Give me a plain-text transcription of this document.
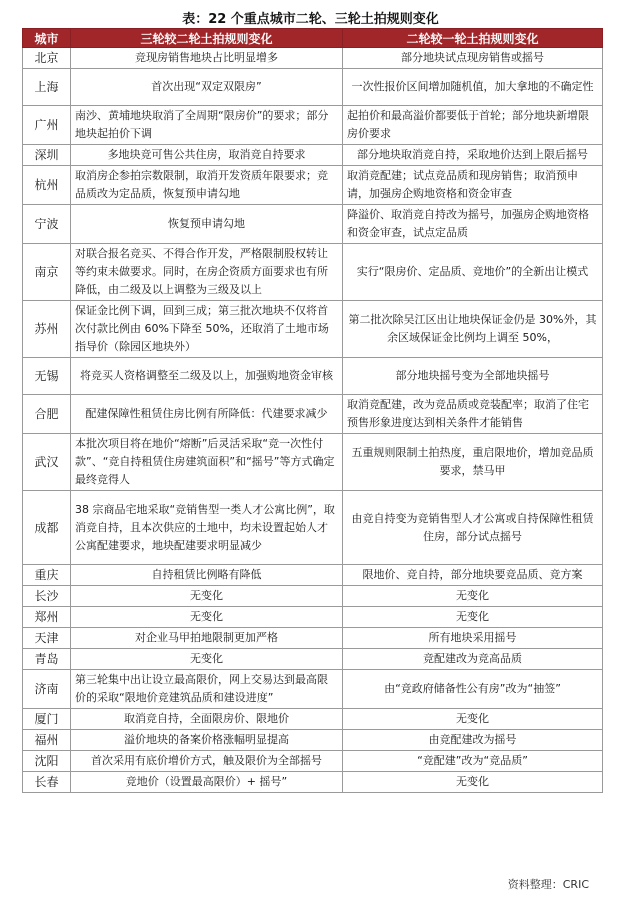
表：22 个重点城市二轮、三轮土拍规则变化
城市	三轮较二轮土拍规则变化	二轮较一轮土拍规则变化
北京	竞现房销售地块占比明显增多	部分地块试点现房销售或摇号
上海	首次出现“双定双限房”	一次性报价区间增加随机值，加大拿地的不确定性
广州	南沙、黄埔地块取消了全周期“限房价”的要求；部分地块起拍价下调	起拍价和最高溢价都要低于首轮；部分地块新增限房价要求
深圳	多地块竞可售公共住房，取消竞自持要求	部分地块取消竞自持，采取地价达到上限后摇号
杭州	取消房企参拍宗数限制，取消开发资质年限要求；竞品质改为定品质，恢复预申请勾地	取消竞配建；试点竞品质和现房销售；取消预申请，加强房企购地资格和资金审查
宁波	恢复预申请勾地	降溢价、取消竞自持改为摇号，加强房企购地资格和资金审查，试点定品质
南京	对联合报名竞买、不得合作开发，严格限制股权转让等约束未做要求。同时，在房企资质方面要求也有所降低，由二级及以上调整为三级及以上	实行“限房价、定品质、竞地价”的全新出让模式
苏州	保证金比例下调，回到三成；第三批次地块不仅将首次付款比例由 60%下降至 50%，还取消了土地市场指导价（除园区地块外）	第二批次除吴江区出让地块保证金仍是 30%外，其余区域保证金比例均上调至 50%，
无锡	将竞买人资格调整至二级及以上，加强购地资金审核	部分地块摇号变为全部地块摇号
合肥	配建保障性租赁住房比例有所降低：代建要求减少	取消竞配建，改为竞品质或竞装配率；取消了住宅预售形象进度达到相关条件才能销售
武汉	本批次项目将在地价“熔断”后灵活采取“竞一次性付款”、“竞自持租赁住房建筑面积”和“摇号”等方式确定最终竞得人	五重规则限制土拍热度，重启限地价，增加竞品质要求，禁马甲
成都	38 宗商品宅地采取“竞销售型一类人才公寓比例”，取消竞自持，且本次供应的土地中，均未设置起始人才公寓配建要求，地块配建要求明显减少	由竞自持变为竞销售型人才公寓或自持保障性租赁住房，部分试点摇号
重庆	自持租赁比例略有降低	限地价、竞自持，部分地块要竞品质、竞方案
长沙	无变化	无变化
郑州	无变化	无变化
天津	对企业马甲拍地限制更加严格	所有地块采用摇号
青岛	无变化	竞配建改为竞高品质
济南	第三轮集中出让设立最高限价，网上交易达到最高限价的采取“限地价竞建筑品质和建设进度”	由“竞政府储备性公有房”改为“抽签”
厦门	取消竞自持，全面限房价、限地价	无变化
福州	溢价地块的备案价格涨幅明显提高	由竞配建改为摇号
沈阳	首次采用有底价增价方式，触及限价为全部摇号	“竞配建”改为“竞品质”
长春	竞地价（设置最高限价）+ 摇号”	无变化
资料整理：CRIC
